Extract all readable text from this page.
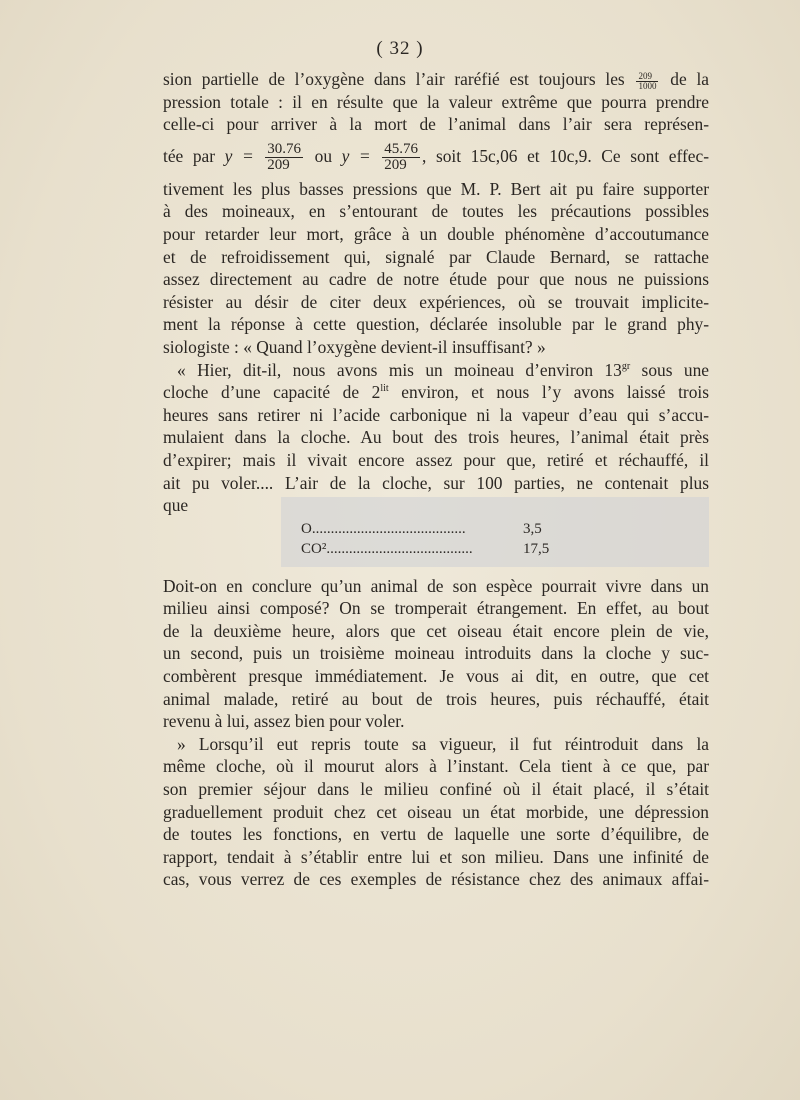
( 32 )
sion partielle de l’oxygène dans l’air raréfié est toujours les $\frac{209}{1000}$ de la
pression totale : il en résulte que la valeur extrême que pourra prendre
celle-ci pour arriver à la mort de l’animal dans l’air sera représen-
tée par $y = \frac{30.76}{209}$ ou $y = \frac{45.76}{209}$ , soit 15c,06 et 10c,9. Ce sont effec-
tivement les plus basses pressions que M. P. Bert ait pu faire supporter
à des moineaux, en s’entourant de toutes les précautions possibles
pour retarder leur mort, grâce à un double phénomène d’accoutumance
et de refroidissement qui, signalé par Claude Bernard, se rattache
assez directement au cadre de notre étude pour que nous ne puissions
résister au désir de citer deux expériences, où se trouvait implicite-
ment la réponse à cette question, déclarée insoluble par le grand phy-
siologiste : « Quand l’oxygène devient-il insuffisant? »
« Hier, dit-il, nous avons mis un moineau d’environ $13^{gr}$ sous une
cloche d’une capacité de $2^{lit}$ environ, et nous l’y avons laissé trois
heures sans retirer ni l’acide carbonique ni la vapeur d’eau qui s’accu-
mulaient dans la cloche. Au bout des trois heures, l’animal était près
d’expirer; mais il vivait encore assez pour que, retiré et réchauffé, il
ait pu voler.... L’air de la cloche, sur 100 parties, ne contenait plus
que
O.........................................	3,5
CO².......................................	17,5
Doit-on en conclure qu’un animal de son espèce pourrait vivre dans un
milieu ainsi composé? On se tromperait étrangement. En effet, au bout
de la deuxième heure, alors que cet oiseau était encore plein de vie,
un second, puis un troisième moineau introduits dans la cloche y suc-
combèrent presque immédiatement. Je vous ai dit, en outre, que cet
animal malade, retiré au bout de trois heures, puis réchauffé, était
revenu à lui, assez bien pour voler.
» Lorsqu’il eut repris toute sa vigueur, il fut réintroduit dans la
même cloche, où il mourut alors à l’instant. Cela tient à ce que, par
son premier séjour dans le milieu confiné où il était placé, il s’était
graduellement produit chez cet oiseau un état morbide, une dépression
de toutes les fonctions, en vertu de laquelle une sorte d’équilibre, de
rapport, tendait à s’établir entre lui et son milieu. Dans une infinité de
cas, vous verrez de ces exemples de résistance chez des animaux affai-
